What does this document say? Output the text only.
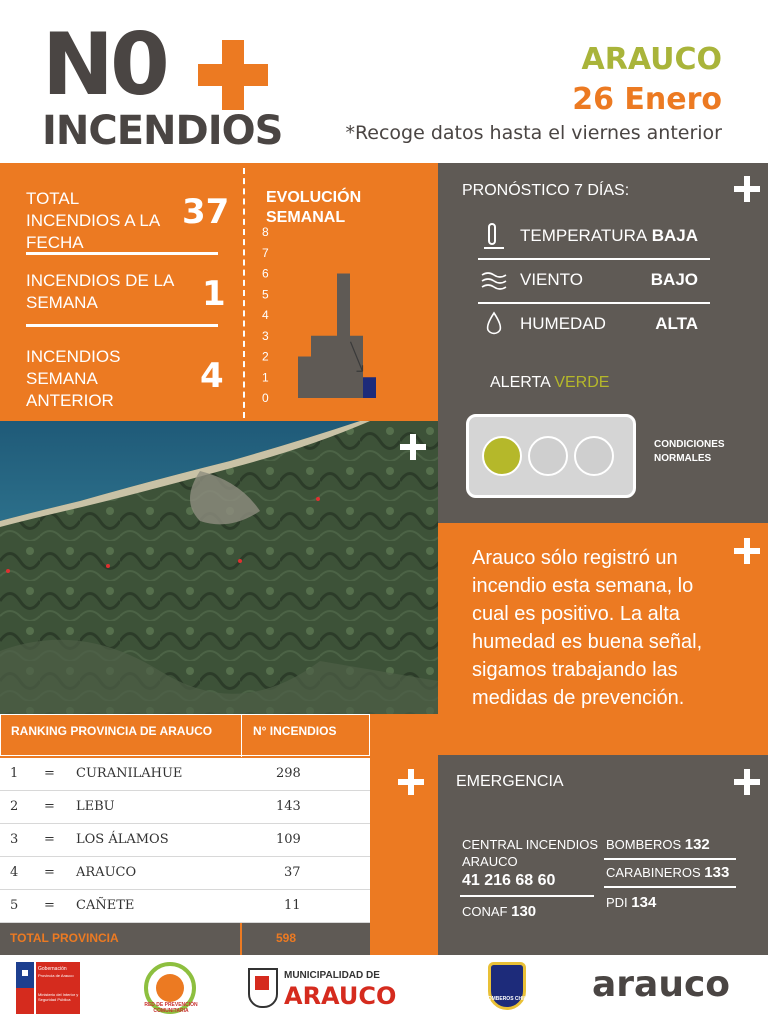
N0
INCENDIOS
ARAUCO
26 Enero
*Recoge datos hasta el viernes anterior
TOTAL INCENDIOS A LA FECHA
37
INCENDIOS DE LA SEMANA	1
INCENDIOS SEMANA ANTERIOR
4
EVOLUCIÓN SEMANAL
8
7
6
5
4
3
2
1
0
PRONÓSTICO 7 DÍAS:
TEMPERATURA BAJA
VIENTO	BAJO
HUMEDAD	ALTA
ALERTA VERDE
CONDICIONES NORMALES
Arauco sólo registró un incendio esta semana, lo cual es positivo. La alta humedad es buena señal, sigamos trabajando las medidas de prevención.
RANKING PROVINCIA DE ARAUCO	N° INCENDIOS
1 = CURANILAHUE	298
2 = LEBU	143
3 = LOS ÁLAMOS	109
4 = ARAUCO	37
5 = CAÑETE	11
TOTAL PROVINCIA	598
EMERGENCIA
CENTRAL INCENDIOS ARAUCO
41 216 68 60
CONAF 130
BOMBEROS 132
CARABINEROS 133
PDI 134
Gobernación
Provincia de Arauco
Ministerio del Interior y Seguridad Pública
RED DE PREVENCIÓN COMUNITARIA
MUNICIPALIDAD DE
ARAUCO	BOMBEROS CHILE arauco
